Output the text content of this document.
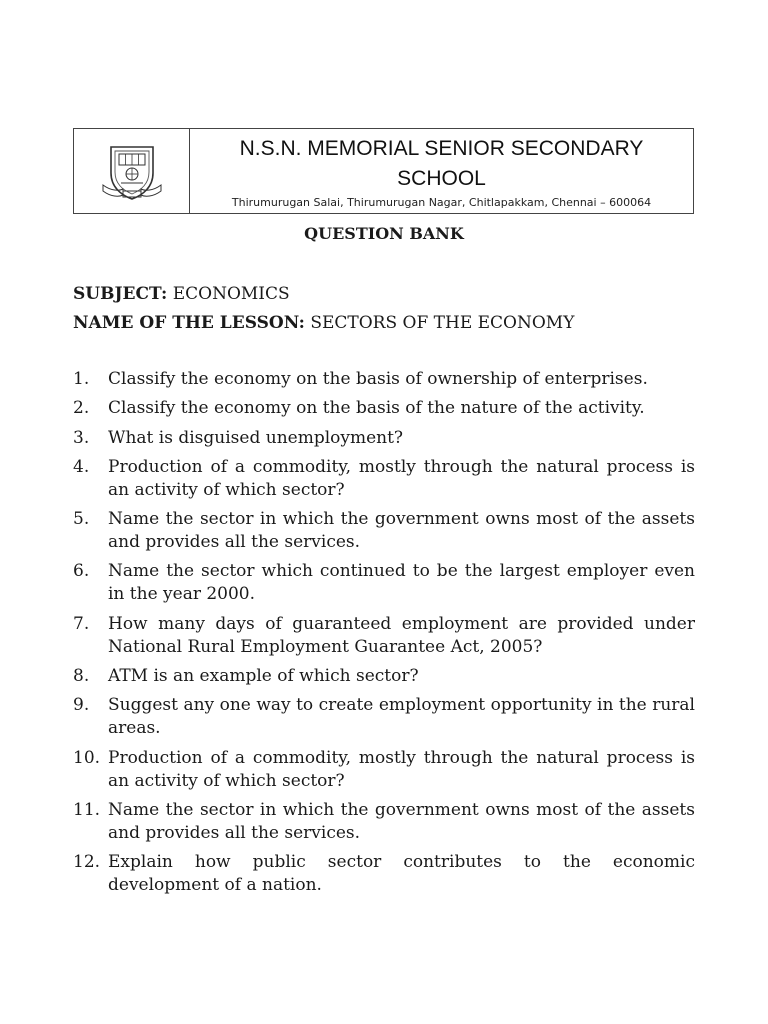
N.S.N. MEMORIAL SENIOR SECONDARY SCHOOL
Thirumurugan Salai, Thirumurugan Nagar, Chitlapakkam, Chennai – 600064
QUESTION BANK
SUBJECT: ECONOMICS
NAME OF THE LESSON: SECTORS OF THE ECONOMY
1.	Classify the economy on the basis of ownership of enterprises.
2.	Classify the economy on the basis of the nature of the activity.
3.	What is disguised unemployment?
4.	Production of a commodity, mostly through the natural process is an activity of which sector?
5.	Name the sector in which the government owns most of the assets and provides all the services.
6.	Name the sector which continued to be the largest employer even in the year 2000.
7.	How many days of guaranteed employment are provided under National Rural Employment Guarantee Act, 2005?
8.	ATM is an example of which sector?
9.	Suggest any one way to create employment opportunity in the rural areas.
10. Production of a commodity, mostly through the natural process is an activity of which sector?
11. Name the sector in which the government owns most of the assets and provides all the services.
12. Explain how public sector contributes to the economic development of a nation.
